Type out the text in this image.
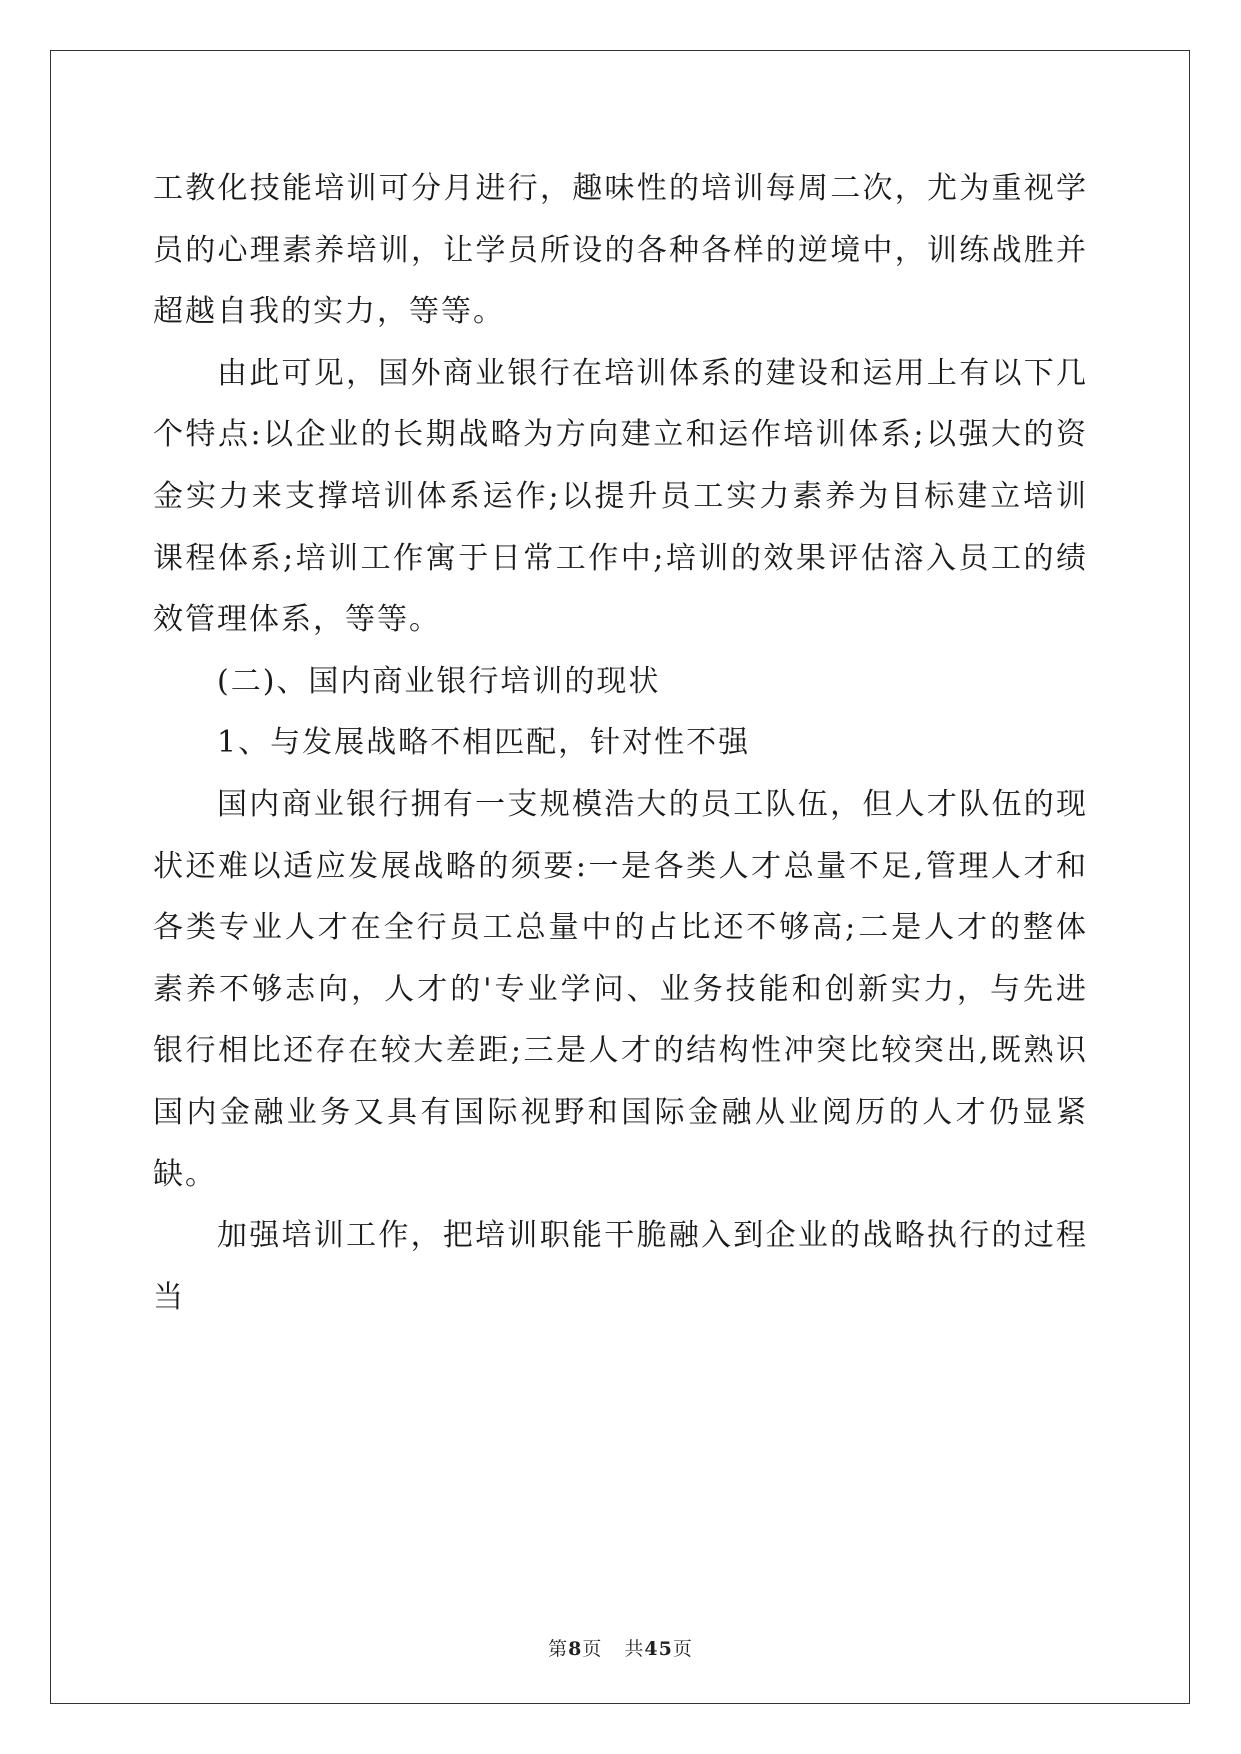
工教化技能培训可分月进行，趣味性的培训每周二次，尤为重视学员的心理素养培训，让学员所设的各种各样的逆境中，训练战胜并超越自我的实力，等等。

由此可见，国外商业银行在培训体系的建设和运用上有以下几个特点:以企业的长期战略为方向建立和运作培训体系;以强大的资金实力来支撑培训体系运作;以提升员工实力素养为目标建立培训课程体系;培训工作寓于日常工作中;培训的效果评估溶入员工的绩效管理体系，等等。

(二)、国内商业银行培训的现状

1、与发展战略不相匹配，针对性不强

国内商业银行拥有一支规模浩大的员工队伍，但人才队伍的现状还难以适应发展战略的须要:一是各类人才总量不足,管理人才和各类专业人才在全行员工总量中的占比还不够高;二是人才的整体素养不够志向，人才的'专业学问、业务技能和创新实力，与先进银行相比还存在较大差距;三是人才的结构性冲突比较突出,既熟识国内金融业务又具有国际视野和国际金融从业阅历的人才仍显紧缺。

加强培训工作，把培训职能干脆融入到企业的战略执行的过程当

第8页 共45页
